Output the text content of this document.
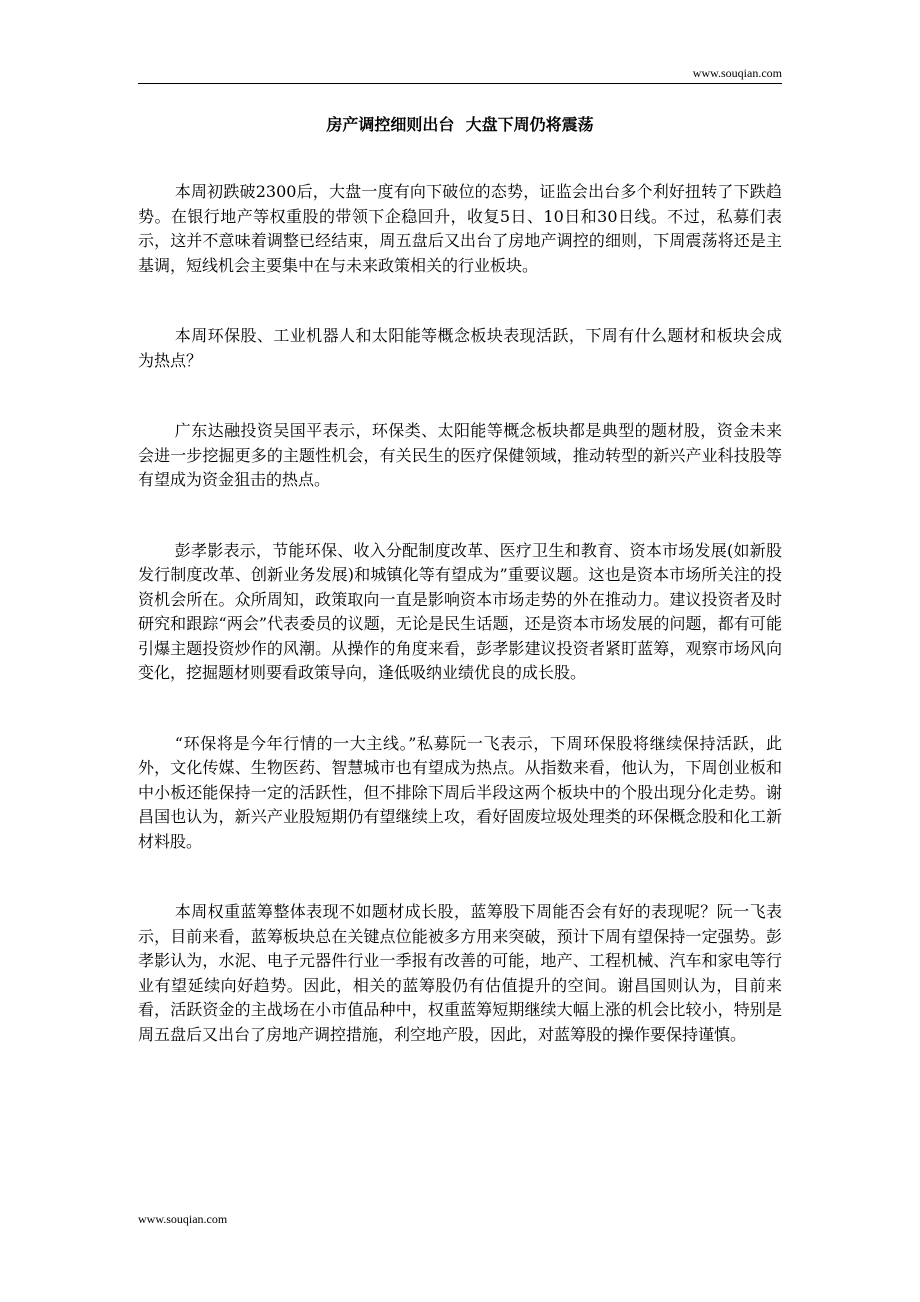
www.souqian.com
房产调控细则出台  大盘下周仍将震荡

本周初跌破2300后，大盘一度有向下破位的态势，证监会出台多个利好扭转了下跌趋势。在银行地产等权重股的带领下企稳回升，收复5日、10日和30日线。不过，私募们表示，这并不意味着调整已经结束，周五盘后又出台了房地产调控的细则，下周震荡将还是主基调，短线机会主要集中在与未来政策相关的行业板块。

本周环保股、工业机器人和太阳能等概念板块表现活跃，下周有什么题材和板块会成为热点？

广东达融投资吴国平表示，环保类、太阳能等概念板块都是典型的题材股，资金未来会进一步挖掘更多的主题性机会，有关民生的医疗保健领域，推动转型的新兴产业科技股等有望成为资金狙击的热点。

彭孝影表示，节能环保、收入分配制度改革、医疗卫生和教育、资本市场发展(如新股发行制度改革、创新业务发展)和城镇化等有望成为”重要议题。这也是资本市场所关注的投资机会所在。众所周知，政策取向一直是影响资本市场走势的外在推动力。建议投资者及时研究和跟踪“两会”代表委员的议题，无论是民生话题，还是资本市场发展的问题，都有可能引爆主题投资炒作的风潮。从操作的角度来看，彭孝影建议投资者紧盯蓝筹，观察市场风向变化，挖掘题材则要看政策导向，逢低吸纳业绩优良的成长股。

“环保将是今年行情的一大主线。”私募阮一飞表示，下周环保股将继续保持活跃，此外，文化传媒、生物医药、智慧城市也有望成为热点。从指数来看，他认为，下周创业板和中小板还能保持一定的活跃性，但不排除下周后半段这两个板块中的个股出现分化走势。谢昌国也认为，新兴产业股短期仍有望继续上攻，看好固废垃圾处理类的环保概念股和化工新材料股。

本周权重蓝筹整体表现不如题材成长股，蓝筹股下周能否会有好的表现呢？阮一飞表示，目前来看，蓝筹板块总在关键点位能被多方用来突破，预计下周有望保持一定强势。彭孝影认为，水泥、电子元器件行业一季报有改善的可能，地产、工程机械、汽车和家电等行业有望延续向好趋势。因此，相关的蓝筹股仍有估值提升的空间。谢昌国则认为，目前来看，活跃资金的主战场在小市值品种中，权重蓝筹短期继续大幅上涨的机会比较小，特别是周五盘后又出台了房地产调控措施，利空地产股，因此，对蓝筹股的操作要保持谨慎。

www.souqian.com
